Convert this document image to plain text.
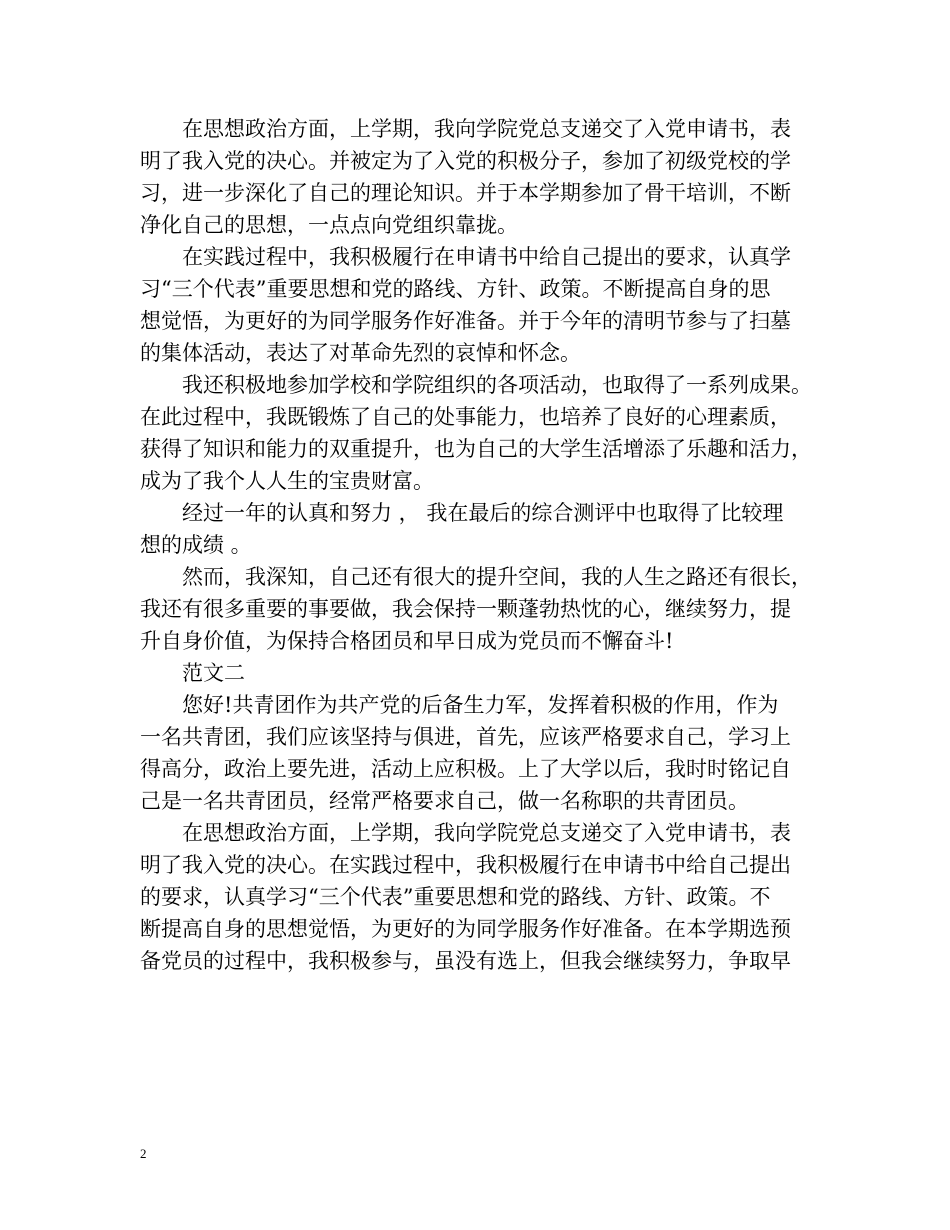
　　在思想政治方面，上学期，我向学院党总支递交了入党申请书，表
明了我入党的决心。并被定为了入党的积极分子，参加了初级党校的学
习，进一步深化了自己的理论知识。并于本学期参加了骨干培训，不断
净化自己的思想，一点点向党组织靠拢。
　　在实践过程中，我积极履行在申请书中给自己提出的要求，认真学
习“三个代表”重要思想和党的路线、方针、政策。不断提高自身的思
想觉悟，为更好的为同学服务作好准备。并于今年的清明节参与了扫墓
的集体活动，表达了对革命先烈的哀悼和怀念。
　　我还积极地参加学校和学院组织的各项活动，也取得了一系列成果。
在此过程中，我既锻炼了自己的处事能力，也培养了良好的心理素质，
获得了知识和能力的双重提升，也为自己的大学生活增添了乐趣和活力，
成为了我个人人生的宝贵财富。
　　经过一年的认真和努力 ， 我在最后的综合测评中也取得了比较理
想的成绩 。
　　然而，我深知，自己还有很大的提升空间，我的人生之路还有很长，
我还有很多重要的事要做，我会保持一颗蓬勃热忱的心，继续努力，提
升自身价值，为保持合格团员和早日成为党员而不懈奋斗!
　　范文二
　　您好!共青团作为共产党的后备生力军，发挥着积极的作用，作为
一名共青团，我们应该坚持与俱进，首先，应该严格要求自己，学习上
得高分，政治上要先进，活动上应积极。上了大学以后，我时时铭记自
己是一名共青团员，经常严格要求自己，做一名称职的共青团员。
　　在思想政治方面，上学期，我向学院党总支递交了入党申请书，表
明了我入党的决心。在实践过程中，我积极履行在申请书中给自己提出
的要求，认真学习“三个代表”重要思想和党的路线、方针、政策。不
断提高自身的思想觉悟，为更好的为同学服务作好准备。在本学期选预
备党员的过程中，我积极参与，虽没有选上，但我会继续努力，争取早
2
